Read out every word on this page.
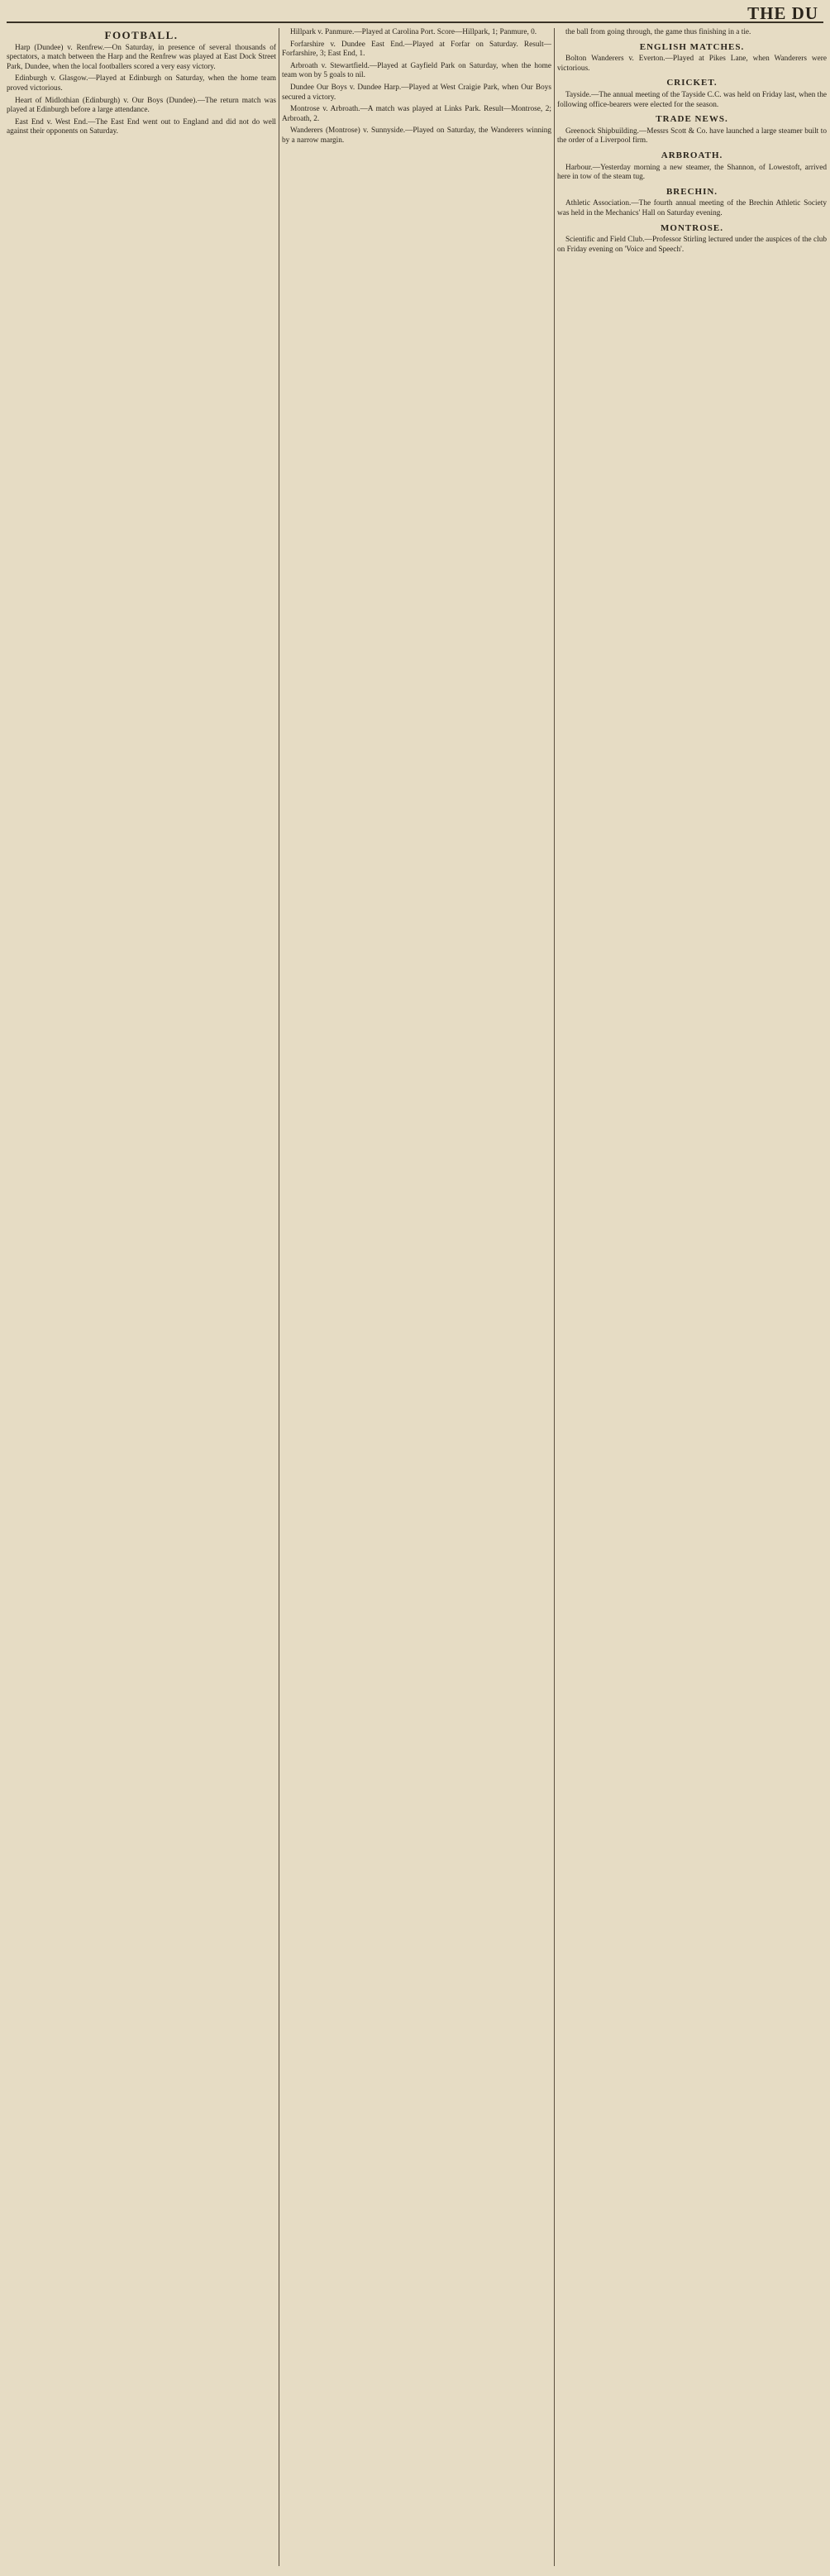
THE DU
FOOTBALL.

Harp (Dundee) v. Renfrew.—On Saturday, in presence of several thousands of spectators, a match between the Harp and the Renfrew was played at East Dock Street Park, Dundee, when the local footballers scored a very easy victory.

Edinburgh v. Glasgow.—Played at Edinburgh on Saturday, when the home team proved victorious.

Heart of Midlothian (Edinburgh) v. Our Boys (Dundee).—The return match was played at Edinburgh before a large attendance.

East End v. West End.—The East End went out to England and did not do well against their opponents on Saturday.

Hillpark v. Panmure.—Played at Carolina Port. Score—Hillpark, 1; Panmure, 0.

Forfarshire v. Dundee East End.—Played at Forfar on Saturday. Result—Forfarshire, 3; East End, 1.

Arbroath v. Stewartfield.—Played at Gayfield Park on Saturday, when the home team won by 5 goals to nil.

Dundee Our Boys v. Dundee Harp.—Played at West Craigie Park, when Our Boys secured a victory.

Montrose v. Arbroath.—A match was played at Links Park. Result—Montrose, 2; Arbroath, 2.

Wanderers (Montrose) v. Sunnyside.—Played on Saturday, the Wanderers winning by a narrow margin.

the ball from going through, the game thus finishing in a tie.

ENGLISH MATCHES.

Bolton Wanderers v. Everton.—Played at Pikes Lane, when Wanderers were victorious.

CRICKET.

Tayside.—The annual meeting of the Tayside C.C. was held on Friday last, when the following office-bearers were elected for the season.

TRADE NEWS.

Greenock Shipbuilding.—Messrs Scott & Co. have launched a large steamer built to the order of a Liverpool firm.

ARBROATH.

Harbour.—Yesterday morning a new steamer, the Shannon, of Lowestoft, arrived here in tow of the steam tug.

BRECHIN.

Athletic Association.—The fourth annual meeting of the Brechin Athletic Society was held in the Mechanics' Hall on Saturday evening.

MONTROSE.

Scientific and Field Club.—Professor Stirling lectured under the auspices of the club on Friday evening on 'Voice and Speech'.
